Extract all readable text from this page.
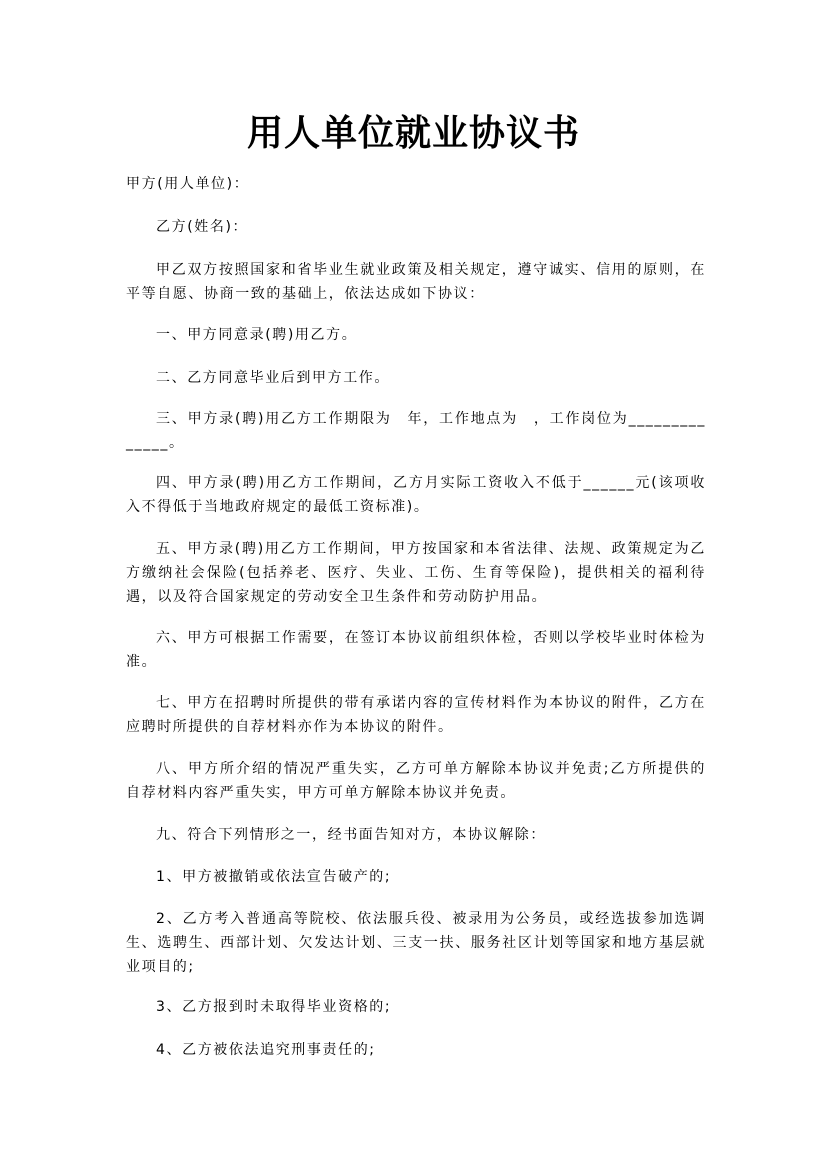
用人单位就业协议书
甲方(用人单位)：
乙方(姓名)：
甲乙双方按照国家和省毕业生就业政策及相关规定，遵守诚实、信用的原则，在平等自愿、协商一致的基础上，依法达成如下协议：
一、甲方同意录(聘)用乙方。
二、乙方同意毕业后到甲方工作。
三、甲方录(聘)用乙方工作期限为　年，工作地点为　，工作岗位为______________。
四、甲方录(聘)用乙方工作期间，乙方月实际工资收入不低于______元(该项收入不得低于当地政府规定的最低工资标准)。
五、甲方录(聘)用乙方工作期间，甲方按国家和本省法律、法规、政策规定为乙方缴纳社会保险(包括养老、医疗、失业、工伤、生育等保险)，提供相关的福利待遇，以及符合国家规定的劳动安全卫生条件和劳动防护用品。
六、甲方可根据工作需要，在签订本协议前组织体检，否则以学校毕业时体检为准。
七、甲方在招聘时所提供的带有承诺内容的宣传材料作为本协议的附件，乙方在应聘时所提供的自荐材料亦作为本协议的附件。
八、甲方所介绍的情况严重失实，乙方可单方解除本协议并免责;乙方所提供的自荐材料内容严重失实，甲方可单方解除本协议并免责。
九、符合下列情形之一，经书面告知对方，本协议解除：
1、甲方被撤销或依法宣告破产的;
2、乙方考入普通高等院校、依法服兵役、被录用为公务员，或经选拔参加选调生、选聘生、西部计划、欠发达计划、三支一扶、服务社区计划等国家和地方基层就业项目的;
3、乙方报到时未取得毕业资格的;
4、乙方被依法追究刑事责任的;
